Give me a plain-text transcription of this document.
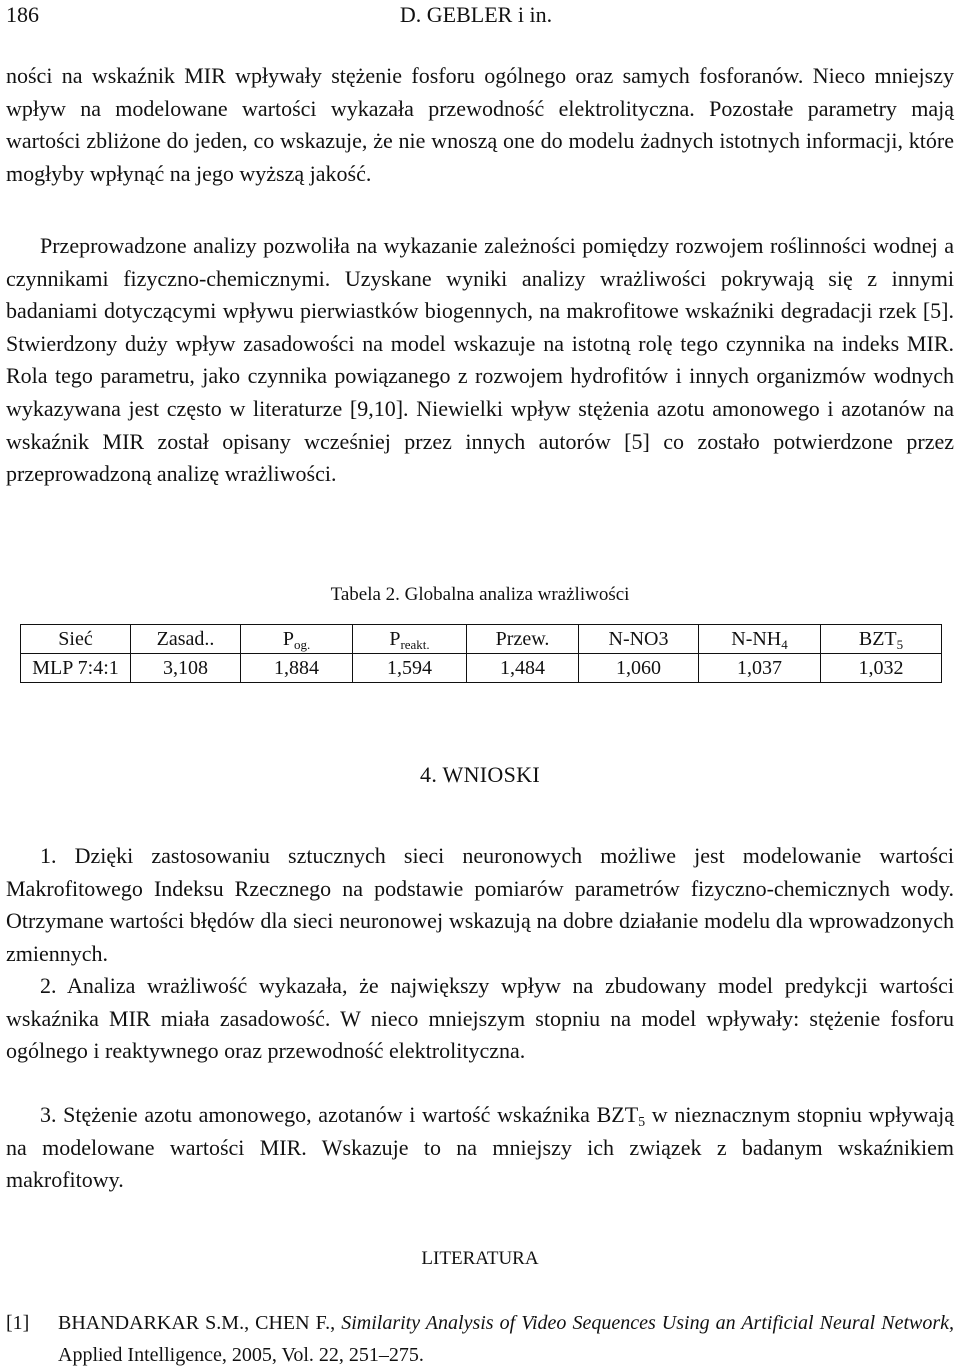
186	D. GEBLER i in.

ności na wskaźnik MIR wpływały stężenie fosforu ogólnego oraz samych fosforanów. Nieco mniejszy wpływ na modelowane wartości wykazała przewodność elektrolityczna. Pozostałe parametry mają wartości zbliżone do jeden, co wskazuje, że nie wnoszą one do modelu żadnych istotnych informacji, które mogłyby wpłynąć na jego wyższą jakość.

Przeprowadzone analizy pozwoliła na wykazanie zależności pomiędzy rozwojem roślinności wodnej a czynnikami fizyczno-chemicznymi. Uzyskane wyniki analizy wrażliwości pokrywają się z innymi badaniami dotyczącymi wpływu pierwiastków biogennych, na makrofitowe wskaźniki degradacji rzek [5]. Stwierdzony duży wpływ zasadowości na model wskazuje na istotną rolę tego czynnika na indeks MIR. Rola tego parametru, jako czynnika powiązanego z rozwojem hydrofitów i innych organizmów wodnych wykazywana jest często w literaturze [9,10]. Niewielki wpływ stężenia azotu amonowego i azotanów na wskaźnik MIR został opisany wcześniej przez innych autorów [5] co zostało potwierdzone przez przeprowadzoną analizę wrażliwości.

Tabela 2. Globalna analiza wrażliwości
Sieć	Zasad..	$P_{og.}$	$P_{reakt.}$	Przew.	N-NO3	$N-NH_4$	$BZT_5$
MLP 7:4:1	3,108	1,884	1,594	1,484	1,060	1,037	1,032
4. WNIOSKI

1. Dzięki zastosowaniu sztucznych sieci neuronowych możliwe jest modelowanie wartości Makrofitowego Indeksu Rzecznego na podstawie pomiarów parametrów fizyczno-chemicznych wody. Otrzymane wartości błędów dla sieci neuronowej wskazują na dobre działanie modelu dla wprowadzonych zmiennych.

2. Analiza wrażliwość wykazała, że największy wpływ na zbudowany model predykcji wartości wskaźnika MIR miała zasadowość. W nieco mniejszym stopniu na model wpływały: stężenie fosforu ogólnego i reaktywnego oraz przewodność elektrolityczna.

3. Stężenie azotu amonowego, azotanów i wartość wskaźnika $BZT_5$ w nieznacznym stopniu wpływają na modelowane wartości MIR. Wskazuje to na mniejszy ich związek z badanym wskaźnikiem makrofitowy.

LITERATURA
[1] BHANDARKAR S.M., CHEN F., Similarity Analysis of Video Sequences Using an Artificial Neural Network, Applied Intelligence, 2005, Vol. 22, 251–275.
